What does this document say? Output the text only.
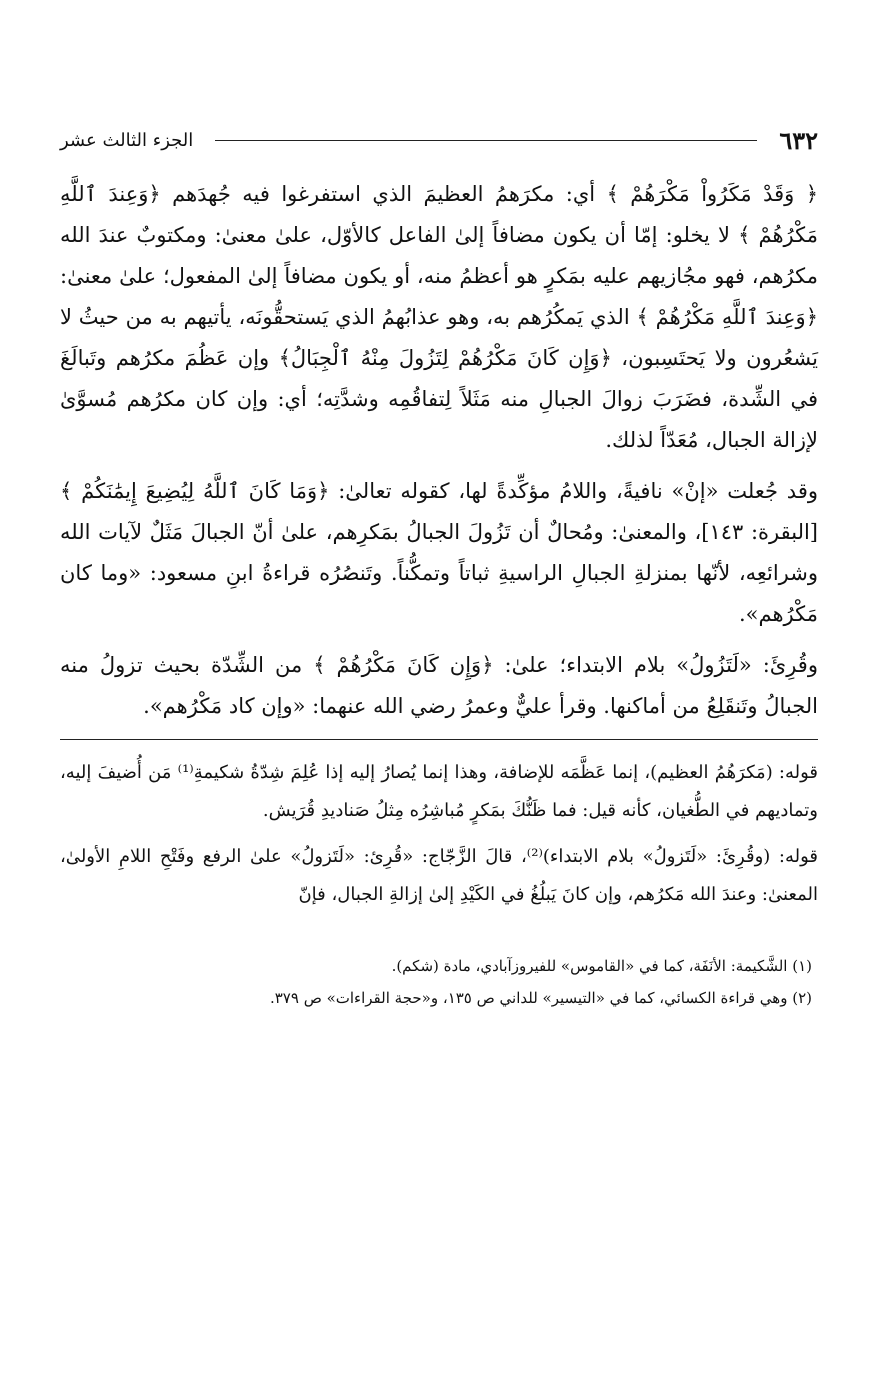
٦٣٢
الجزء الثالث عشر

﴿ وَقَدْ مَكَرُواْ مَكْرَهُمْ ﴾ أي: مكرَهمُ العظيمَ الذي استفرغوا فيه جُهدَهم ﴿وَعِندَ ٱللَّهِ مَكْرُهُمْ ﴾ لا يخلو: إمّا أن يكون مضافاً إلىٰ الفاعل كالأوّل، علىٰ معنىٰ: ومكتوبٌ عندَ الله مكرُهم، فهو مجُازيهم عليه بمَكرٍ هو أعظمُ منه، أو يكون مضافاً إلىٰ المفعول؛ علىٰ معنىٰ: ﴿وَعِندَ ٱللَّهِ مَكْرُهُمْ ﴾ الذي يَمكُرُهم به، وهو عذابُهمُ الذي يَستحقُّونَه، يأتيهم به من حيثُ لا يَشعُرون ولا يَحتَسِبون، ﴿وَإِن كَانَ مَكْرُهُمْ لِتَزُولَ مِنْهُ ٱلْجِبَالُ﴾ وإن عَظُمَ مكرُهم وتَبالَغَ في الشِّدة، فضَرَبَ زوالَ الجبالِ منه مَثَلاً لِتفاقُمِه وشدَّتِه؛ أي: وإن كان مكرُهم مُسوَّىٰ لإزالة الجبال، مُعَدّاً لذلك.

وقد جُعلت «إنْ» نافيةً، واللامُ مؤكِّدةً لها، كقوله تعالىٰ: ﴿وَمَا كَانَ ٱللَّهُ لِيُضِيعَ إِيمَٰنَكُمْ ﴾ [البقرة: ١٤٣]، والمعنىٰ: ومُحالٌ أن تَزُولَ الجبالُ بمَكرِهم، علىٰ أنّ الجبالَ مَثَلٌ لآيات الله وشرائعِه، لأنّها بمنزلةِ الجبالِ الراسيةِ ثباتاً وتمكُّناً. وتَنصُرُه قراءةُ ابنِ مسعود: «وما كان مَكْرُهم».

وقُرِئَ: «لَتَزُولُ» بلام الابتداء؛ علىٰ: ﴿وَإِن كَانَ مَكْرُهُمْ ﴾ من الشِّدّة بحيث تزولُ منه الجبالُ وتَنقَلِعُ من أماكنها. وقرأ عليٌّ وعمرُ رضي الله عنهما: «وإن كاد مَكْرُهم».

قوله: (مَكرَهُمُ العظيم)، إنما عَظَّمَه للإضافة، وهذا إنما يُصارُ إليه إذا عُلِمَ شِدّةُ شكيمةِ⁽¹⁾ مَن أُضيفَ إليه، وتماديهم في الطُّغيان، كأنه قيل: فما ظَنُّكَ بمَكرٍ مُباشِرُه مِثلُ صَناديدِ قُرَيش.

قوله: (وقُرِئَ: «لَتَزولُ» بلام الابتداء)⁽²⁾، قالَ الزَّجّاج: «قُرِئ: «لَتَزولُ» علىٰ الرفع وفَتْحِ اللامِ الأولىٰ، المعنىٰ: وعندَ الله مَكرُهم، وإن كانَ يَبلُغُ في الكَيْدِ إلىٰ إزالةِ الجبال، فإنّ

(١) الشَّكيمة: الأنَفَة، كما في «القاموس» للفيروزآبادي، مادة (شكم).

(٢) وهي قراءة الكسائي، كما في «التيسير» للداني ص ١٣٥، و«حجة القراءات» ص ٣٧٩.
